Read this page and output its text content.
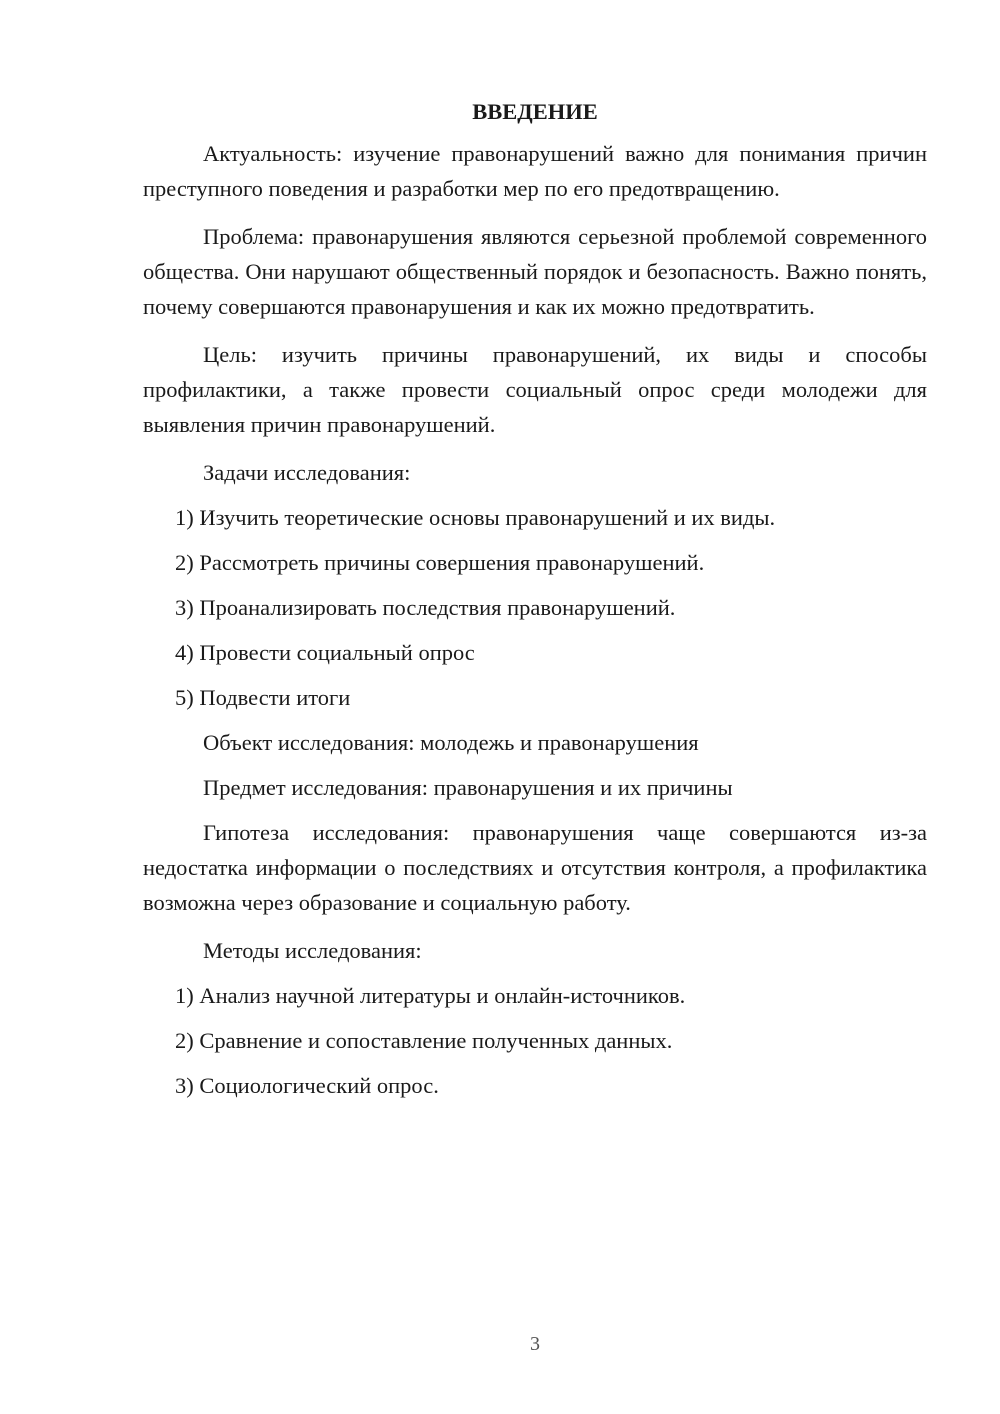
ВВЕДЕНИЕ

Актуальность: изучение правонарушений важно для понимания причин преступного поведения и разработки мер по его предотвращению.

Проблема: правонарушения являются серьезной проблемой современного общества. Они нарушают общественный порядок и безопасность. Важно понять, почему совершаются правонарушения и как их можно предотвратить.

Цель: изучить причины правонарушений, их виды и способы профилактики, а также провести социальный опрос среди молодежи для выявления причин правонарушений.

Задачи исследования:
1) Изучить теоретические основы правонарушений и их виды.
2) Рассмотреть причины совершения правонарушений.
3) Проанализировать последствия правонарушений.
4) Провести социальный опрос
5) Подвести итоги
Объект исследования: молодежь и правонарушения
Предмет исследования: правонарушения и их причины

Гипотеза исследования: правонарушения чаще совершаются из-за недостатка информации о последствиях и отсутствия контроля, а профилактика возможна через образование и социальную работу.

Методы исследования:
1) Анализ научной литературы и онлайн-источников.
2) Сравнение и сопоставление полученных данных.
3) Социологический опрос.
3
